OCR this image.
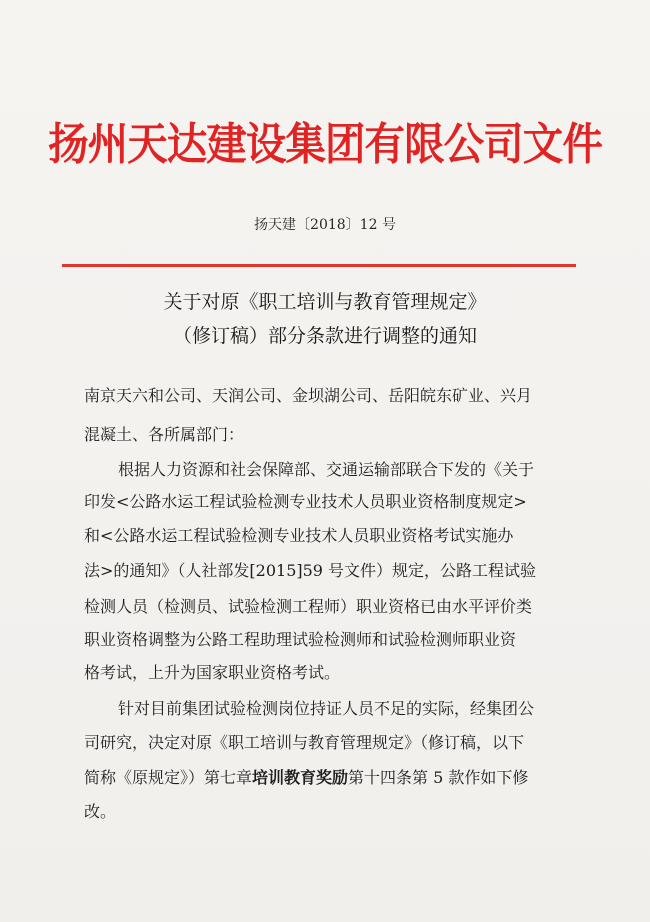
扬州天达建设集团有限公司文件
扬天建〔2018〕12 号
关于对原《职工培训与教育管理规定》
（修订稿）部分条款进行调整的通知
南京天六和公司、天润公司、金坝湖公司、岳阳皖东矿业、兴月
混凝土、各所属部门：
根据人力资源和社会保障部、交通运输部联合下发的《关于
印发<公路水运工程试验检测专业技术人员职业资格制度规定>
和<公路水运工程试验检测专业技术人员职业资格考试实施办
法>的通知》（人社部发[2015]59 号文件）规定，公路工程试验
检测人员（检测员、试验检测工程师）职业资格已由水平评价类
职业资格调整为公路工程助理试验检测师和试验检测师职业资
格考试，上升为国家职业资格考试。
针对目前集团试验检测岗位持证人员不足的实际，经集团公
司研究，决定对原《职工培训与教育管理规定》（修订稿，以下
简称《原规定》）第七章培训教育奖励第十四条第 5 款作如下修
改。
